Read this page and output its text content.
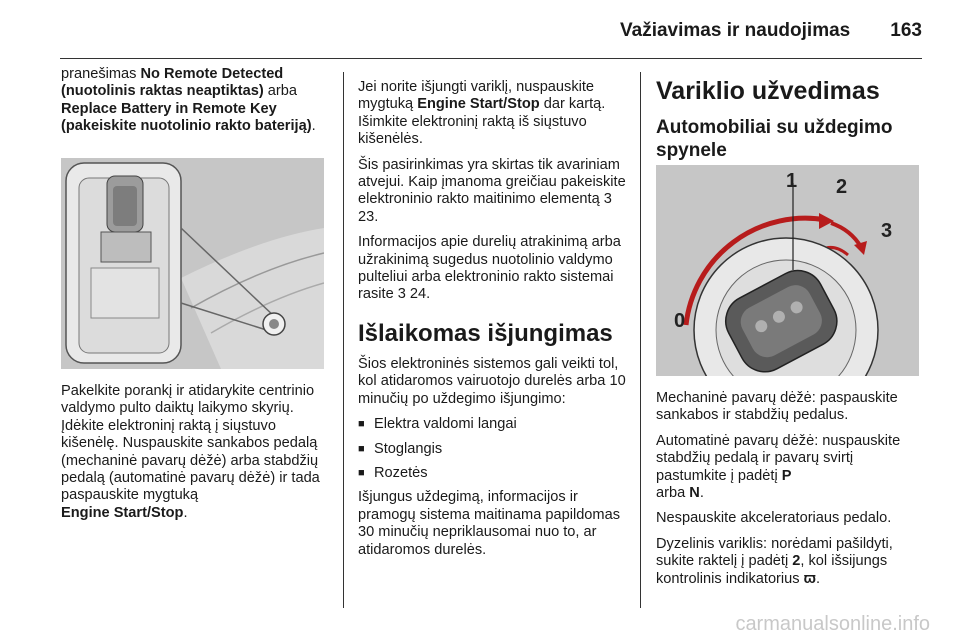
Važiavimas ir naudojimas 163

pranešimas No Remote Detected (nuotolinis raktas neaptiktas) arba Replace Battery in Remote Key (pakeiskite nuotolinio rakto bateriją).

Pakelkite porankį ir atidarykite centrinio valdymo pulto daiktų laikymo skyrių. Įdėkite elektroninį raktą į siųstuvo kišenėlę. Nuspauskite sankabos pedalą (mechaninė pavarų dėžė) arba stabdžių pedalą (automatinė pavarų dėžė) ir tada paspauskite mygtuką
Engine Start/Stop.

Jei norite išjungti variklį, nuspauskite mygtuką Engine Start/Stop dar kartą. Išimkite elektroninį raktą iš siųstuvo kišenėlės.

Šis pasirinkimas yra skirtas tik avariniam atvejui. Kaip įmanoma greičiau pakeiskite elektroninio rakto maitinimo elementą 3 23.

Informacijos apie durelių atrakinimą arba užrakinimą sugedus nuotolinio valdymo pulteliui arba elektroninio rakto sistemai rasite 3 24.

Išlaikomas išjungimas

Šios elektroninės sistemos gali veikti tol, kol atidaromos vairuotojo durelės arba 10 minučių po uždegimo išjungimo:

■ Elektra valdomi langai
■ Stoglangis
■ Rozetės

Išjungus uždegimą, informacijos ir pramogų sistema maitinama papildomas 30 minučių nepriklausomai nuo to, ar atidaromos durelės.

Variklio užvedimas
Automobiliai su uždegimo spynele
0
1 2
3

Mechaninė pavarų dėžė: paspauskite sankabos ir stabdžių pedalus.

Automatinė pavarų dėžė: nuspauskite stabdžių pedalą ir pavarų svirtį pastumkite į padėtį P
arba N.

Nespauskite akceleratoriaus pedalo.

Dyzelinis variklis: norėdami pašildyti, sukite raktelį į padėtį 2, kol išsijungs kontrolinis indikatorius ϖ.

carmanualsonline.info
